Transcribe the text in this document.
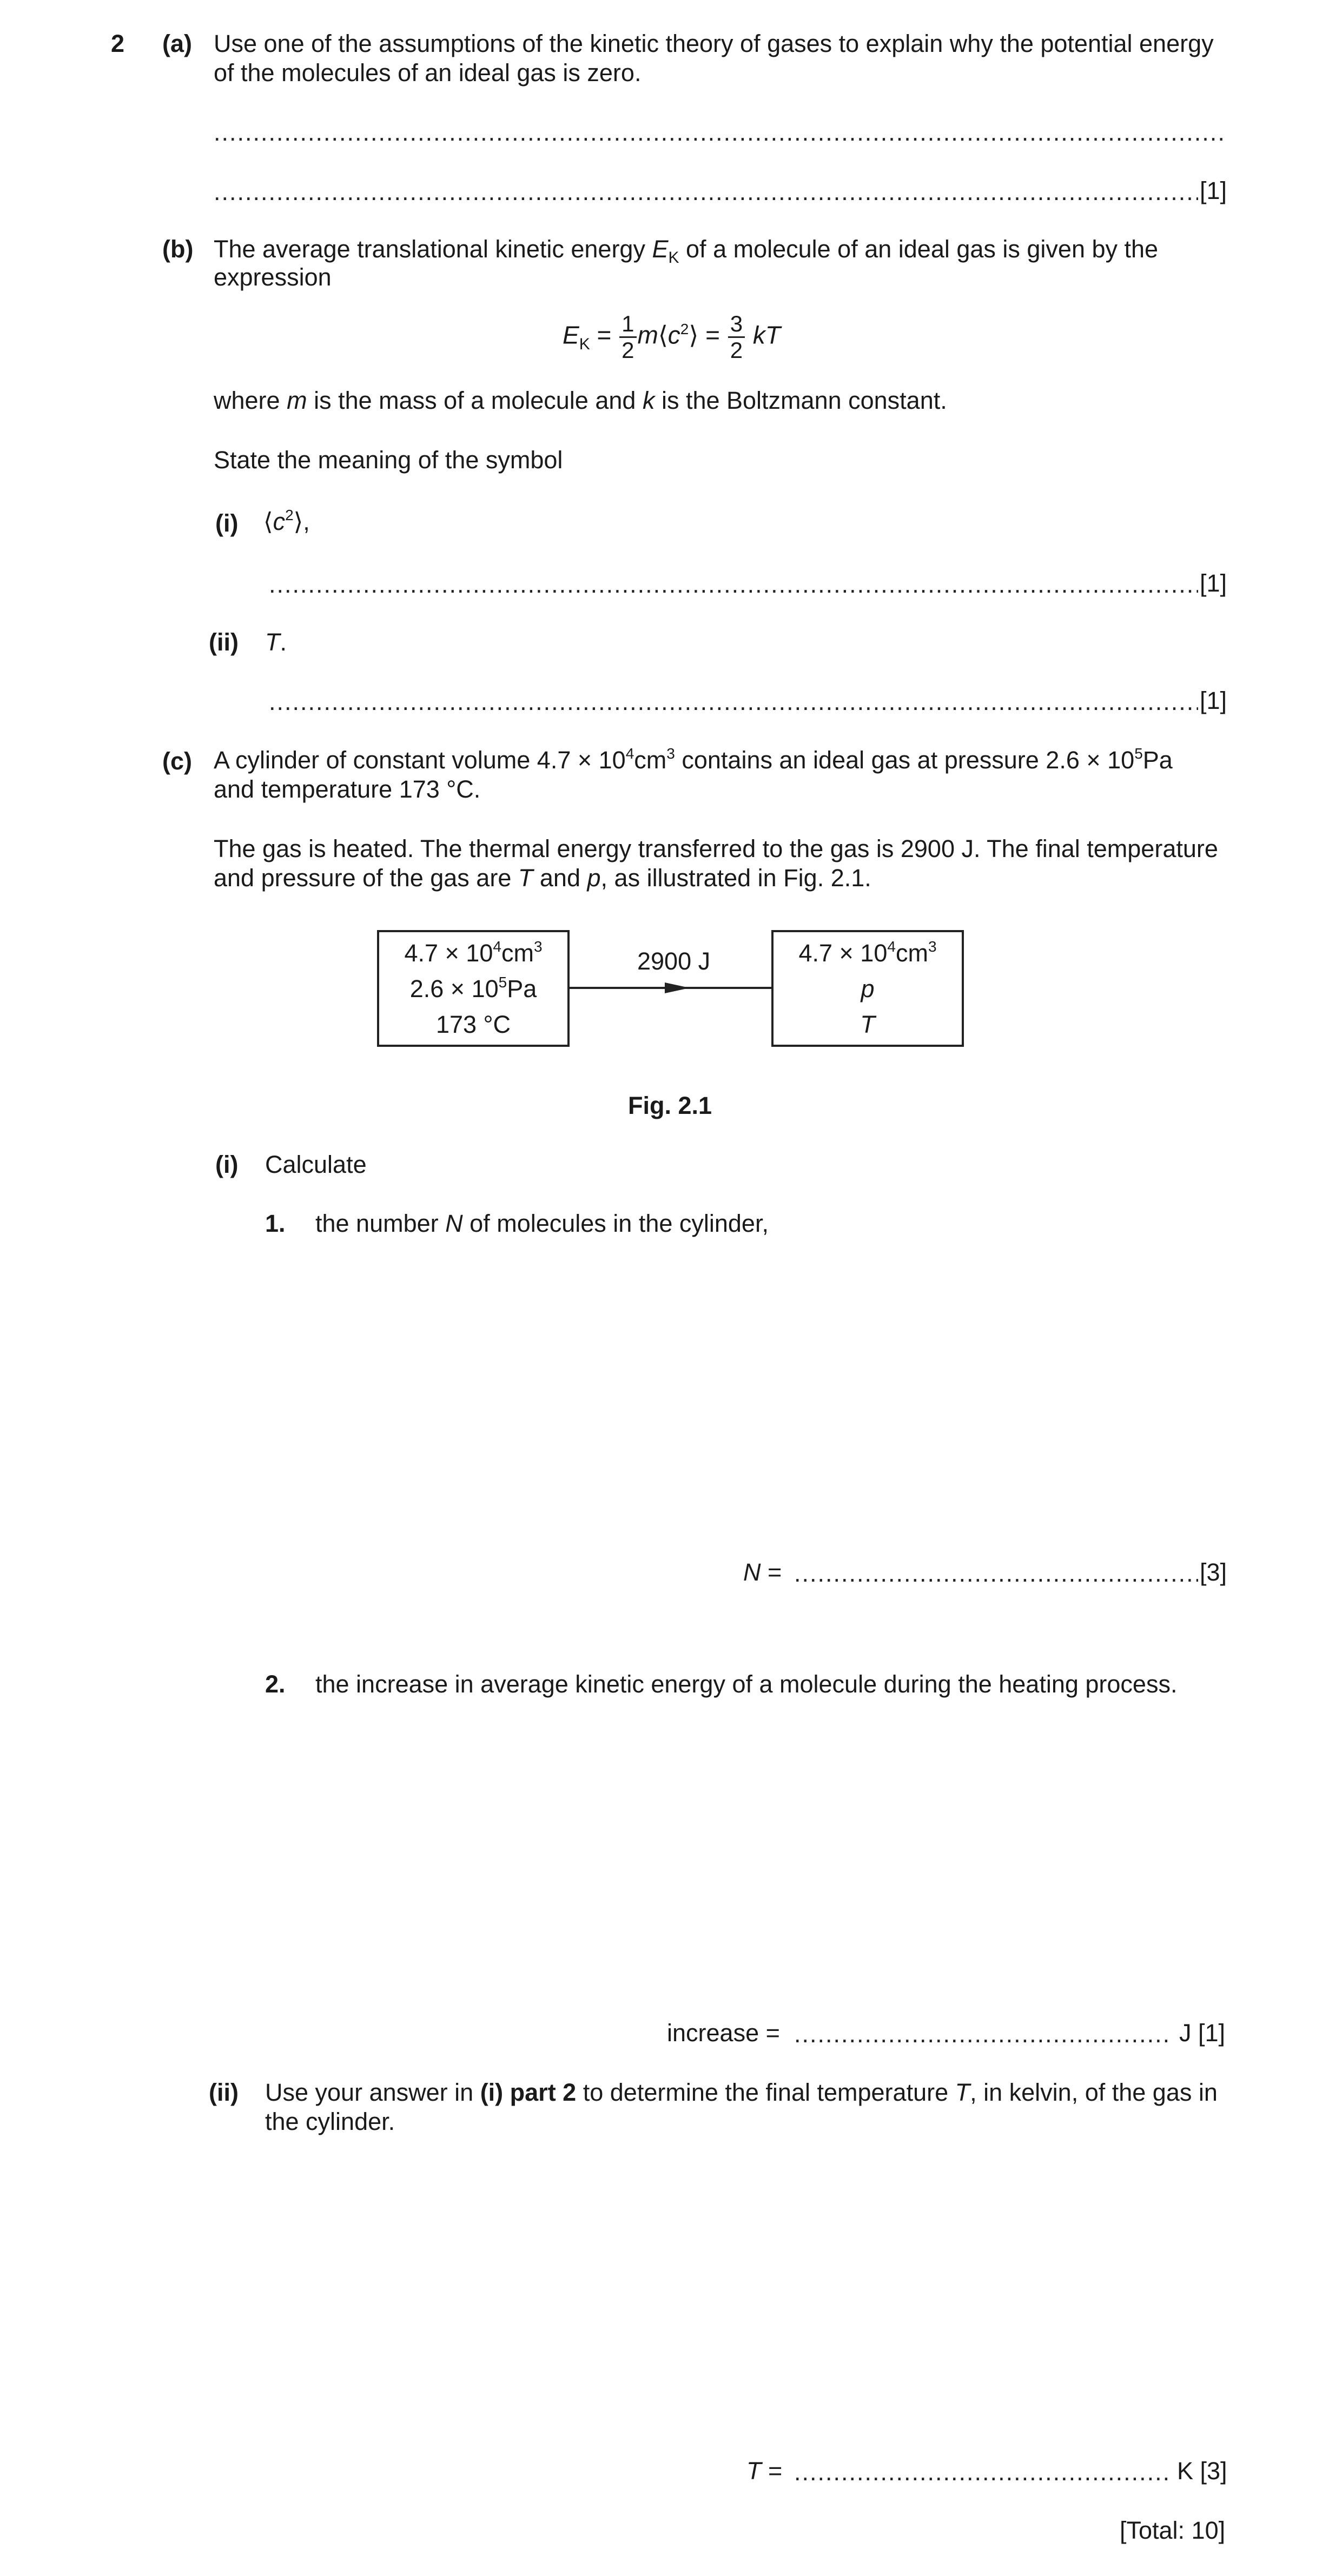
2 (a) Use one of the assumptions of the kinetic theory of gases to explain why the potential energy
of the molecules of an ideal gas is zero.
.....
.....
[1]
(b) The average translational kinetic energy $E_K$ of a molecule of an ideal gas is given by the
expression
$E_K = \frac{1}{2}$ $m⟨c^2⟩ = \frac{3}{2}$ kT
where m is the mass of a molecule and k is the Boltzmann constant.
State the meaning of the symbol
(i) $⟨c^2⟩$,
.....
[1]
(ii) T.
.....
[1]
(c) A cylinder of constant volume $4.7 \times 10^4cm^3$ contains an ideal gas at pressure $2.6 \times 10^5Pa$
and temperature 173 °C.
The gas is heated. The thermal energy transferred to the gas is 2900 J. The final temperature
and pressure of the gas are T and p, as illustrated in Fig. 2.1.
$4.7 \times 10^4cm^3$
$2.6 \times 10^5Pa$
173 °C
2900 J	$4.7 \times 10^4cm^3$
p
T
Fig. 2.1
(i) Calculate
1. the number N of molecules in the cylinder,
N = .....	[3]
2. the increase in average kinetic energy of a molecule during the heating process.
increase = .....	J [1]
(ii) Use your answer in (i) part 2 to determine the final temperature T, in kelvin, of the gas in
the cylinder.
T = .....	K [3]
[Total: 10]
